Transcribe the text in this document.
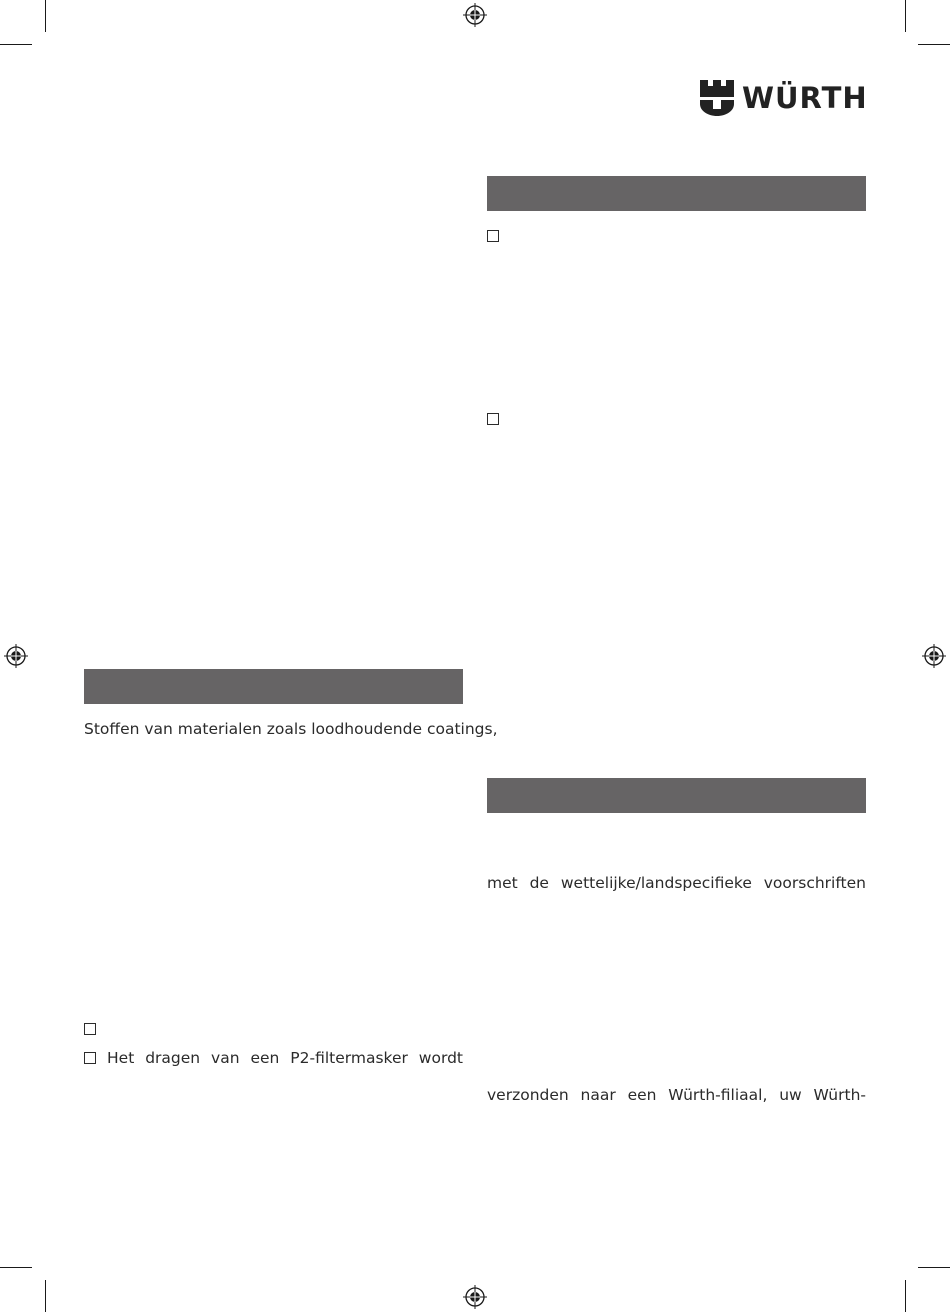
WÜRTH
met de wettelijke/landspecifieke voorschriften
verzonden naar een Würth-filiaal, uw Würth-
Stoffen van materialen zoals loodhoudende coatings,
Het dragen van een P2-filtermasker wordt
